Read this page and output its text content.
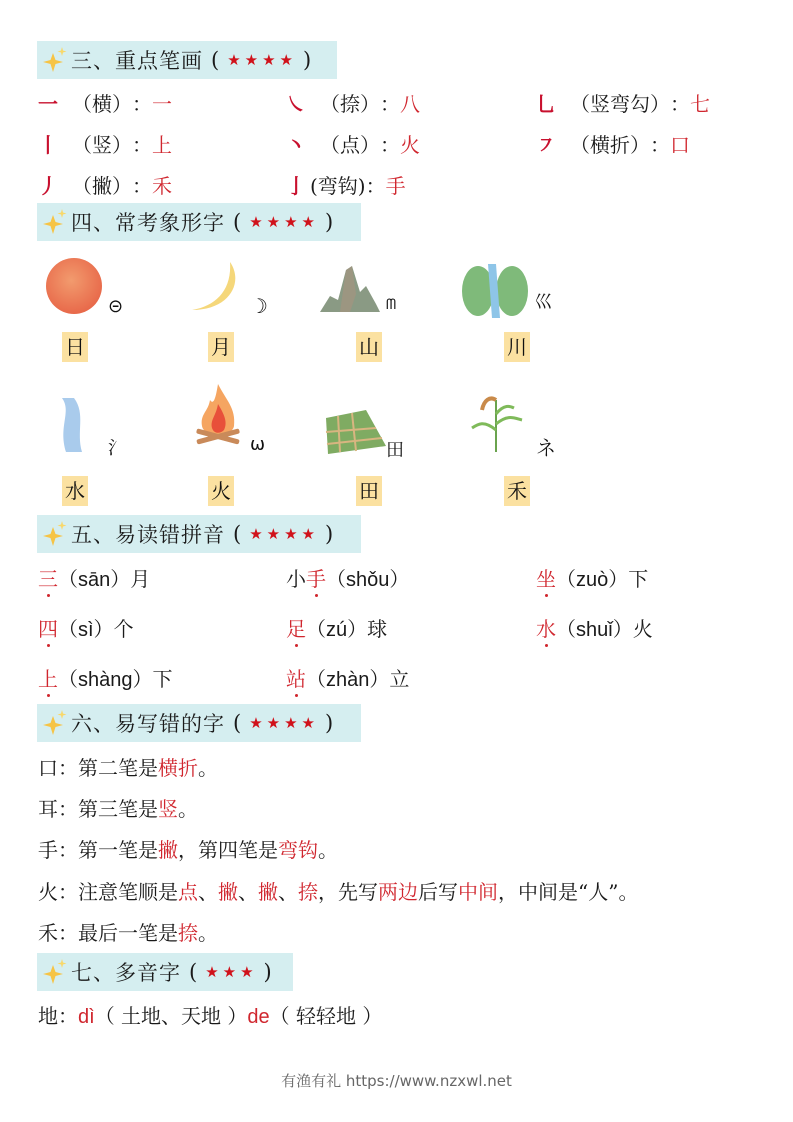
三、重点笔画 ( ★★★★ )
一 （横） ： 一
丨 （竖） ： 上
丿 （撇） ： 禾
㇏ （捺） ： 八
丶 （点） ： 火
亅 (弯钩) ： 手
乚 （竖弯勾） ： 七
㇇ （横折） ： 口
四、常考象形字 ( ★★★★ )
⊝
日
☽
月
ᗰ
山
巛
川
⺡
水
ω
火
田
田
ネ
禾
五、易读错拼音 ( ★★★★ )
三 （sān） 月
四 （sì） 个
上 （shàng） 下
小 手 （shǒu）
足 （zú） 球
站 （zhàn） 立
坐 （zuò） 下
水 （shuǐ） 火
六、易写错的字 ( ★★★★ )
口：第二笔是横折。
耳：第三笔是竖。
手：第一笔是撇，第四笔是弯钩。
火：注意笔顺是点、撇、撇、捺，先写两边后写中间，中间是“人”。
禾：最后一笔是捺。
七、多音字 ( ★★★ )
地：dì（ 土地、天地 ）de（ 轻轻地 ）
有渔有礼 https://www.nzxwl.net
